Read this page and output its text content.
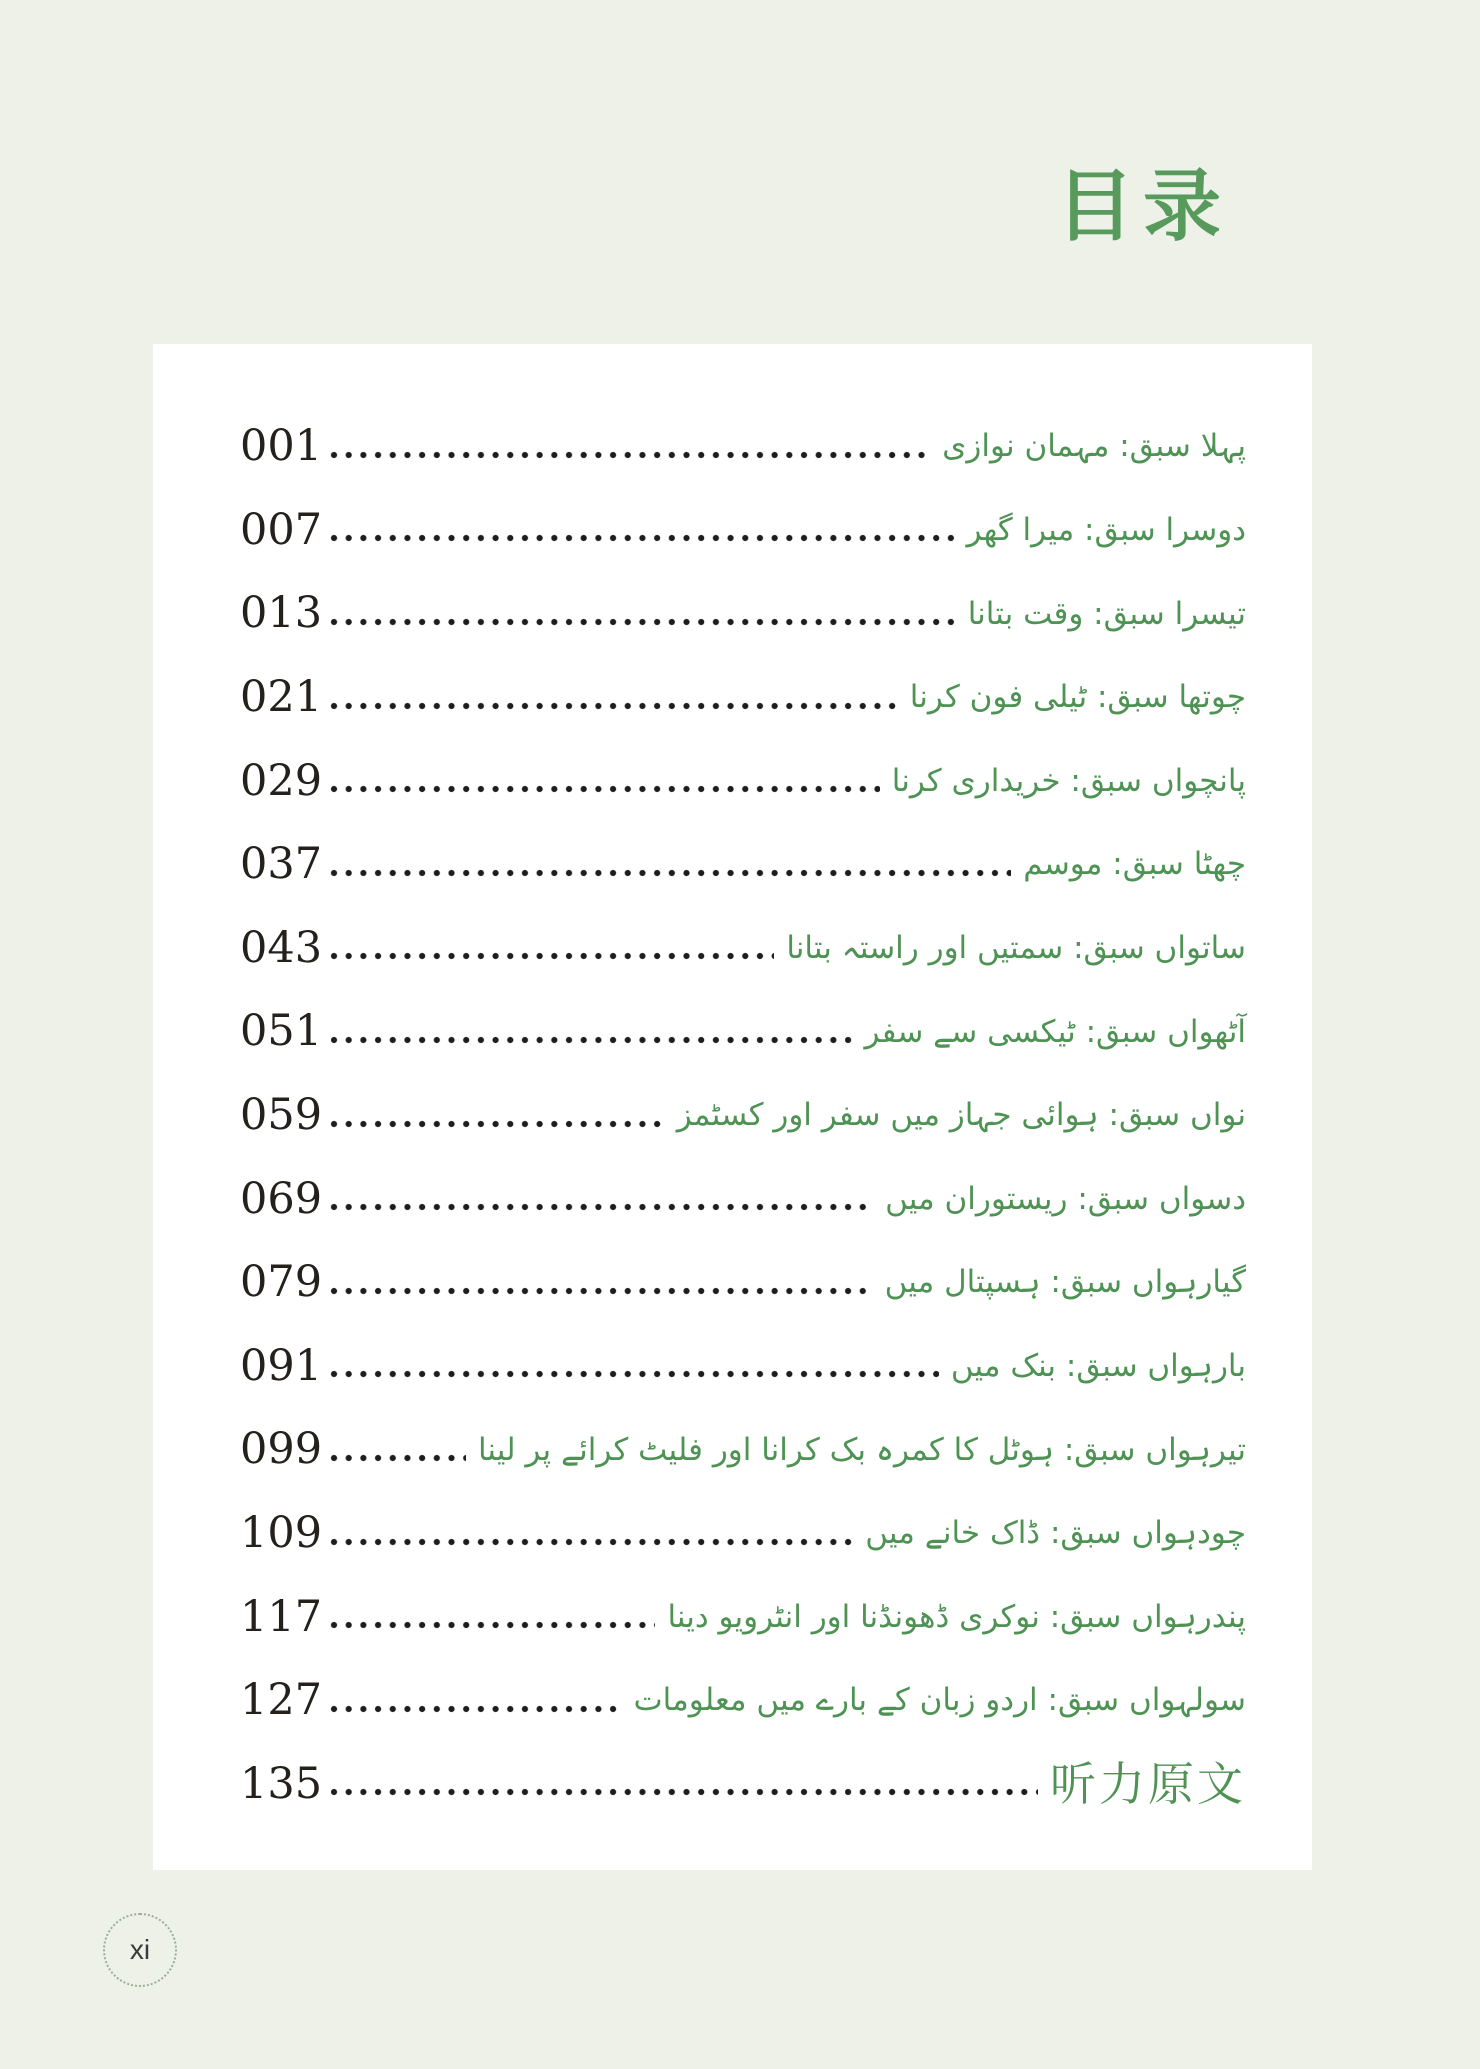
目录
001	پہلا سبق: مہمان نوازی
007	دوسرا سبق: میرا گھر
013	تیسرا سبق: وقت بتانا
021	چوتھا سبق: ٹیلی فون کرنا
029	پانچواں سبق: خریداری کرنا
037	چھٹا سبق: موسم
043	ساتواں سبق: سمتیں اور راستہ بتانا
051	آٹھواں سبق: ٹیکسی سے سفر
059	نواں سبق: ہوائی جہاز میں سفر اور کسٹمز
069	دسواں سبق: ریستوران میں
079	گیارہواں سبق: ہسپتال میں
091	بارہواں سبق: بنک میں
099	تیرہواں سبق: ہوٹل کا کمرہ بک کرانا اور فلیٹ کرائے پر لینا
109	چودہواں سبق: ڈاک خانے میں
117	پندرہواں سبق: نوکری ڈھونڈنا اور انٹرویو دینا
127	سولہواں سبق: اردو زبان کے بارے میں معلومات
135	听力原文
xi
